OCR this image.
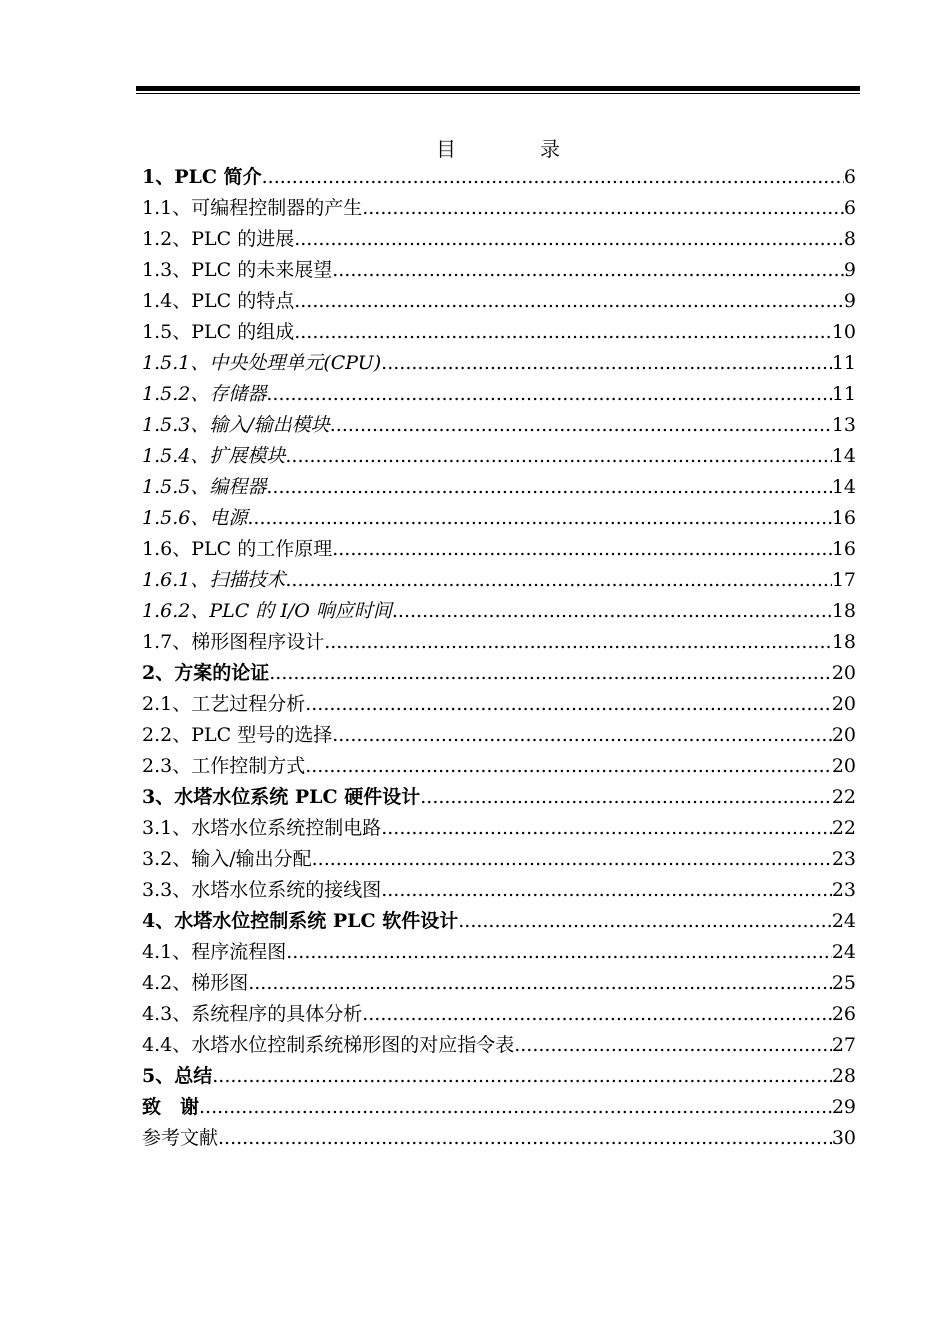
目	录
1、PLC 简介 .....	6
1.1、可编程控制器的产生 .....	6
1.2、PLC 的进展 .....	8
1.3、PLC 的未来展望 .....	9
1.4、PLC 的特点 .....	9
1.5、PLC 的组成 .....	10
1.5.1、中央处理单元(CPU) .....	11
1.5.2、存储器 .....	11
1.5.3、输入/输出模块 .....	13
1.5.4、扩展模块 .....	14
1.5.5、编程器 .....	14
1.5.6、电源 .....	16
1.6、PLC 的工作原理 .....	16
1.6.1、扫描技术 .....	17
1.6.2、PLC 的 I/O 响应时间 .....	18
1.7、梯形图程序设计 .....	18
2、方案的论证 .....	20
2.1、工艺过程分析 .....	20
2.2、PLC 型号的选择 .....	20
2.3、工作控制方式 .....	20
3、水塔水位系统 PLC 硬件设计 .....	22
3.1、水塔水位系统控制电路 .....	22
3.2、输入/输出分配 .....	23
3.3、水塔水位系统的接线图 .....	23
4、水塔水位控制系统 PLC 软件设计 .....	24
4.1、程序流程图 .....	24
4.2、梯形图 .....	25
4.3、系统程序的具体分析 .....	26
4.4、水塔水位控制系统梯形图的对应指令表 .....	27
5、总结 .....	28
致　谢 .....	29
参考文献 .....	30
